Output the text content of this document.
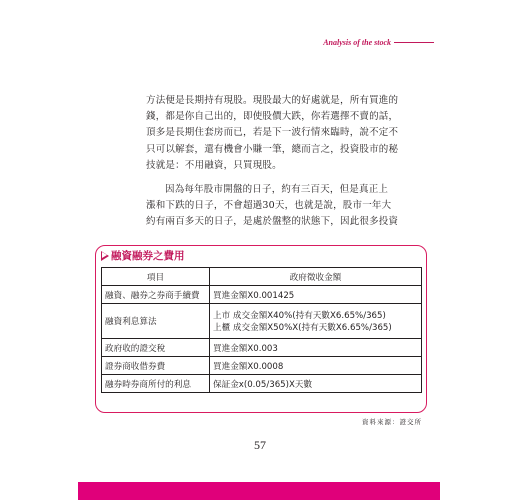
Analysis of the stock

方法便是長期持有現股。現股最大的好處就是，所有買進的
錢，都是你自己出的，即使股價大跌，你若選擇不賣的話，
頂多是長期住套房而已，若是下一波行情來臨時，說不定不
只可以解套，還有機會小賺一筆，總而言之，投資股市的秘
技就是：不用融資，只買現股。

因為每年股市開盤的日子，約有三百天，但是真正上
漲和下跌的日子，不會超過30天，也就是說，股市一年大
約有兩百多天的日子，是處於盤整的狀態下，因此很多投資

融資融券之費用
項目	政府徵收金額
融資、融券之券商手續費	買進金額X0.001425

融資利息算法	上市 成交金額X40%(持有天數X6.65%/365)
上櫃 成交金額X50%X(持有天數X6.65%/365)

政府收的證交稅	買進金額X0.003

證券商收借券費	買進金額X0.0008

融券時券商所付的利息	保証金x(0.05/365)X天數
資料來源：證交所
57
